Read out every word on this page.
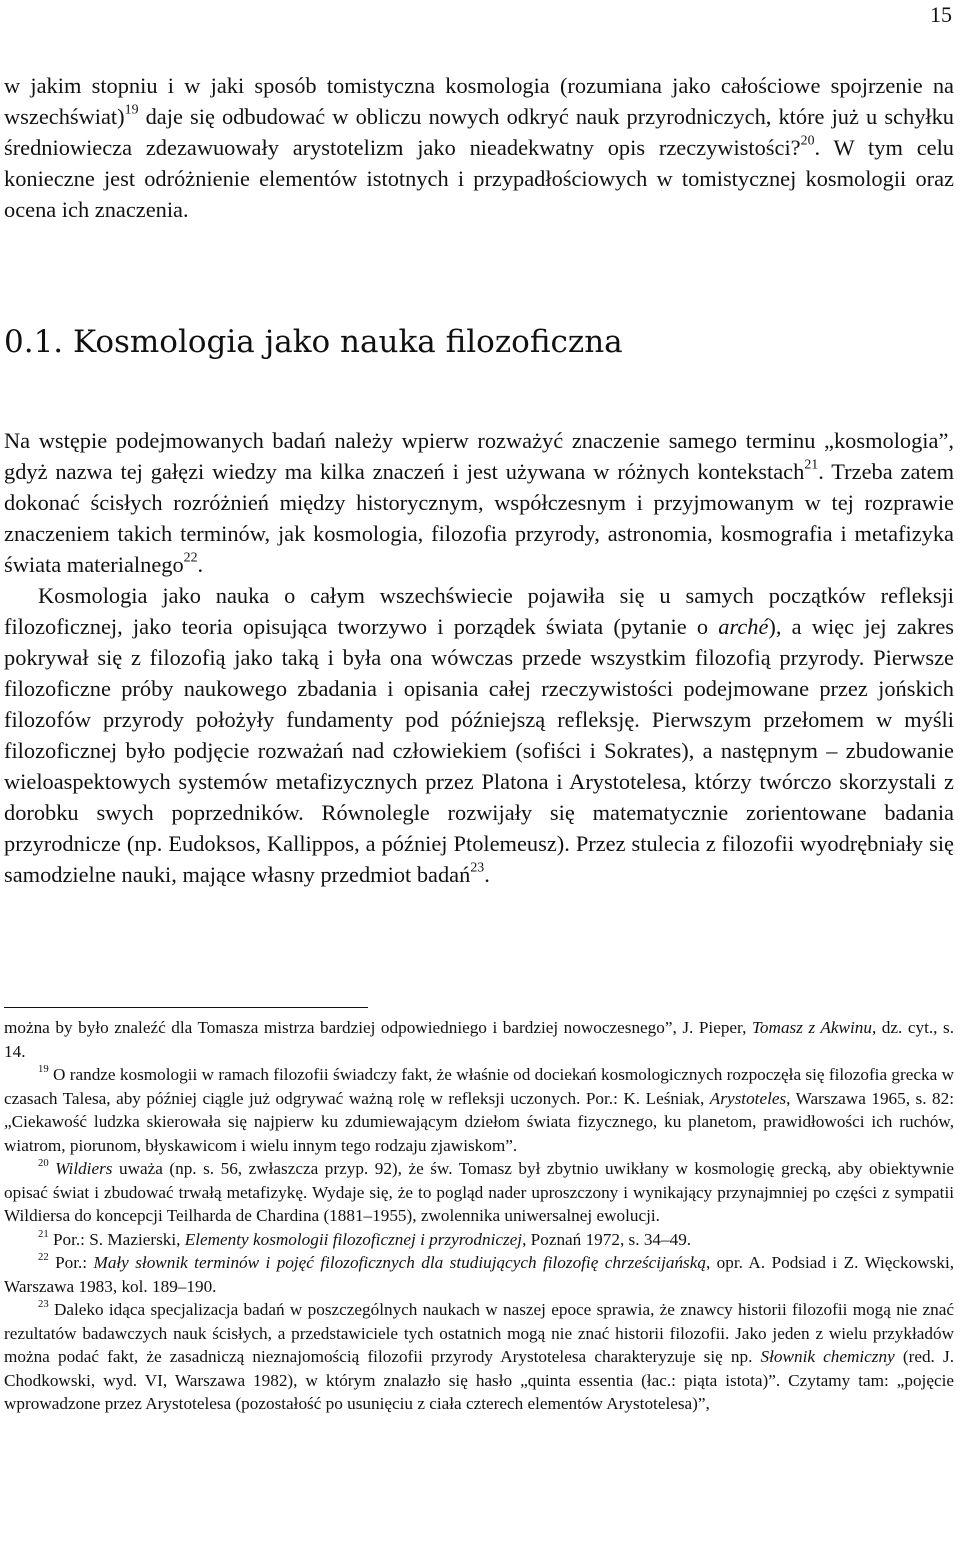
15

w jakim stopniu i w jaki sposób tomistyczna kosmologia (rozumiana jako całościowe spojrzenie na wszechświat)$^{19}$ daje się odbudować w obliczu nowych odkryć nauk przyrodniczych, które już u schyłku średniowiecza zdezawuowały arystotelizm jako nieadekwatny opis rzeczywistości?$^{20}$. W tym celu konieczne jest odróżnienie elementów istotnych i przypadłościowych w tomistycznej kosmologii oraz ocena ich znaczenia.

0.1. Kosmologia jako nauka filozoficzna

Na wstępie podejmowanych badań należy wpierw rozważyć znaczenie samego terminu „kosmologia”, gdyż nazwa tej gałęzi wiedzy ma kilka znaczeń i jest używana w różnych kontekstach$^{21}$. Trzeba zatem dokonać ścisłych rozróżnień między historycznym, współczesnym i przyjmowanym w tej rozprawie znaczeniem takich terminów, jak kosmologia, filozofia przyrody, astronomia, kosmografia i metafizyka świata materialnego$^{22}$.

Kosmologia jako nauka o całym wszechświecie pojawiła się u samych początków refleksji filozoficznej, jako teoria opisująca tworzywo i porządek świata (pytanie o arché), a więc jej zakres pokrywał się z filozofią jako taką i była ona wówczas przede wszystkim filozofią przyrody. Pierwsze filozoficzne próby naukowego zbadania i opisania całej rzeczywistości podejmowane przez jońskich filozofów przyrody położyły fundamenty pod późniejszą refleksję. Pierwszym przełomem w myśli filozoficznej było podjęcie rozważań nad człowiekiem (sofiści i Sokrates), a następnym – zbudowanie wieloaspektowych systemów metafizycznych przez Platona i Arystotelesa, którzy twórczo skorzystali z dorobku swych poprzedników. Równolegle rozwijały się matematycznie zorientowane badania przyrodnicze (np. Eudoksos, Kallippos, a później Ptolemeusz). Przez stulecia z filozofii wyodrębniały się samodzielne nauki, mające własny przedmiot badań$^{23}$.

można by było znaleźć dla Tomasza mistrza bardziej odpowiedniego i bardziej nowoczesnego”, J. Pieper, Tomasz z Akwinu, dz. cyt., s. 14.

$^{19}$ O randze kosmologii w ramach filozofii świadczy fakt, że właśnie od dociekań kosmologicznych rozpoczęła się filozofia grecka w czasach Talesa, aby później ciągle już odgrywać ważną rolę w refleksji uczonych. Por.: K. Leśniak, Arystoteles, Warszawa 1965, s. 82: „Ciekawość ludzka skierowała się najpierw ku zdumiewającym dziełom świata fizycznego, ku planetom, prawidłowości ich ruchów, wiatrom, piorunom, błyskawicom i wielu innym tego rodzaju zjawiskom”.

$^{20}$ Wildiers uważa (np. s. 56, zwłaszcza przyp. 92), że św. Tomasz był zbytnio uwikłany w kosmologię grecką, aby obiektywnie opisać świat i zbudować trwałą metafizykę. Wydaje się, że to pogląd nader uproszczony i wynikający przynajmniej po części z sympatii Wildiersa do koncepcji Teilharda de Chardina (1881–1955), zwolennika uniwersalnej ewolucji.

$^{21}$ Por.: S. Mazierski, Elementy kosmologii filozoficznej i przyrodniczej, Poznań 1972, s. 34–49.

$^{22}$ Por.: Mały słownik terminów i pojęć filozoficznych dla studiujących filozofię chrześcijańską, opr. A. Podsiad i Z. Więckowski, Warszawa 1983, kol. 189–190.

$^{23}$ Daleko idąca specjalizacja badań w poszczególnych naukach w naszej epoce sprawia, że znawcy historii filozofii mogą nie znać rezultatów badawczych nauk ścisłych, a przedstawiciele tych ostatnich mogą nie znać historii filozofii. Jako jeden z wielu przykładów można podać fakt, że zasadniczą nieznajomością filozofii przyrody Arystotelesa charakteryzuje się np. Słownik chemiczny (red. J. Chodkowski, wyd. VI, Warszawa 1982), w którym znalazło się hasło „quinta essentia (łac.: piąta istota)”. Czytamy tam: „pojęcie wprowadzone przez Arystotelesa (pozostałość po usunięciu z ciała czterech elementów Arystotelesa)”,
